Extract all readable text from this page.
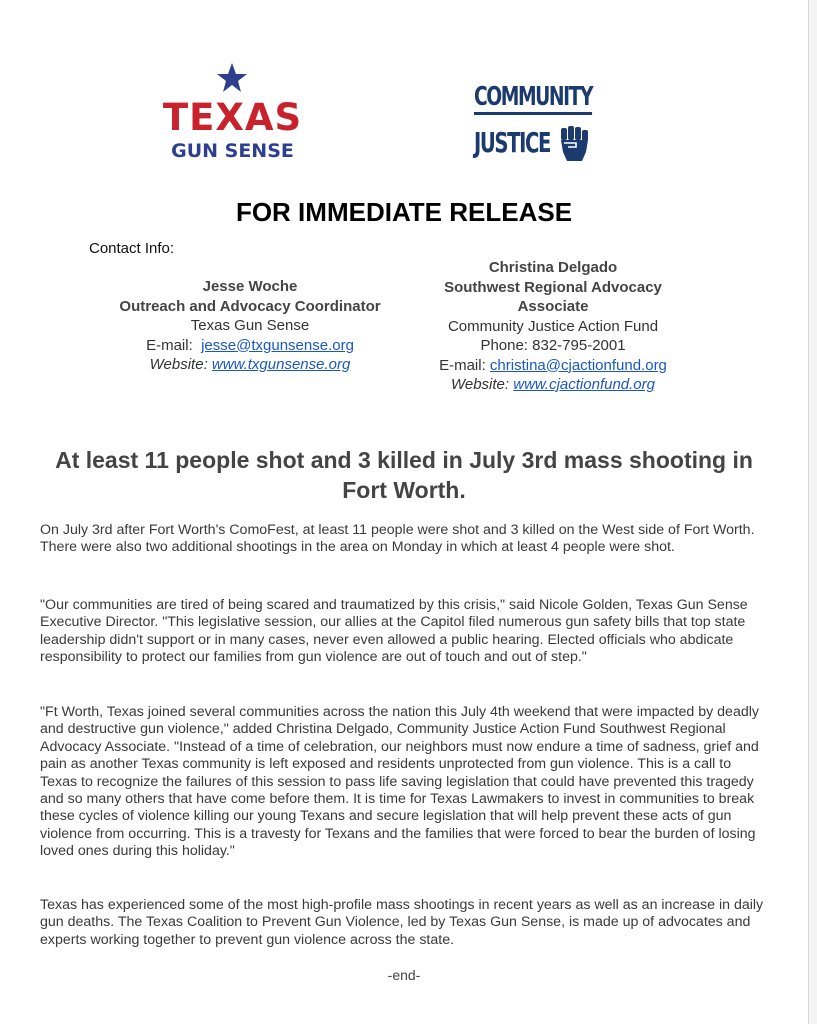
TEXAS
GUN SENSE
COMMUNITY
JUSTICE
FOR IMMEDIATE RELEASE
Contact Info:
Jesse Woche
Outreach and Advocacy Coordinator
Texas Gun Sense
E-mail: jesse@txgunsense.org
Website: www.txgunsense.org
Christina Delgado
Southwest Regional Advocacy
Associate
Community Justice Action Fund
Phone: 832-795-2001
E-mail: christina@cjactionfund.org
Website: www.cjactionfund.org
At least 11 people shot and 3 killed in July 3rd mass shooting in Fort Worth.

On July 3rd after Fort Worth's ComoFest, at least 11 people were shot and 3 killed on the West side of Fort Worth. There were also two additional shootings in the area on Monday in which at least 4 people were shot.

"Our communities are tired of being scared and traumatized by this crisis," said Nicole Golden, Texas Gun Sense Executive Director. "This legislative session, our allies at the Capitol filed numerous gun safety bills that top state leadership didn't support or in many cases, never even allowed a public hearing. Elected officials who abdicate responsibility to protect our families from gun violence are out of touch and out of step."

"Ft Worth, Texas joined several communities across the nation this July 4th weekend that were impacted by deadly and destructive gun violence," added Christina Delgado, Community Justice Action Fund Southwest Regional Advocacy Associate. "Instead of a time of celebration, our neighbors must now endure a time of sadness, grief and pain as another Texas community is left exposed and residents unprotected from gun violence. This is a call to Texas to recognize the failures of this session to pass life saving legislation that could have prevented this tragedy and so many others that have come before them. It is time for Texas Lawmakers to invest in communities to break these cycles of violence killing our young Texans and secure legislation that will help prevent these acts of gun violence from occurring. This is a travesty for Texans and the families that were forced to bear the burden of losing loved ones during this holiday."

Texas has experienced some of the most high-profile mass shootings in recent years as well as an increase in daily gun deaths. The Texas Coalition to Prevent Gun Violence, led by Texas Gun Sense, is made up of advocates and experts working together to prevent gun violence across the state.

-end-
